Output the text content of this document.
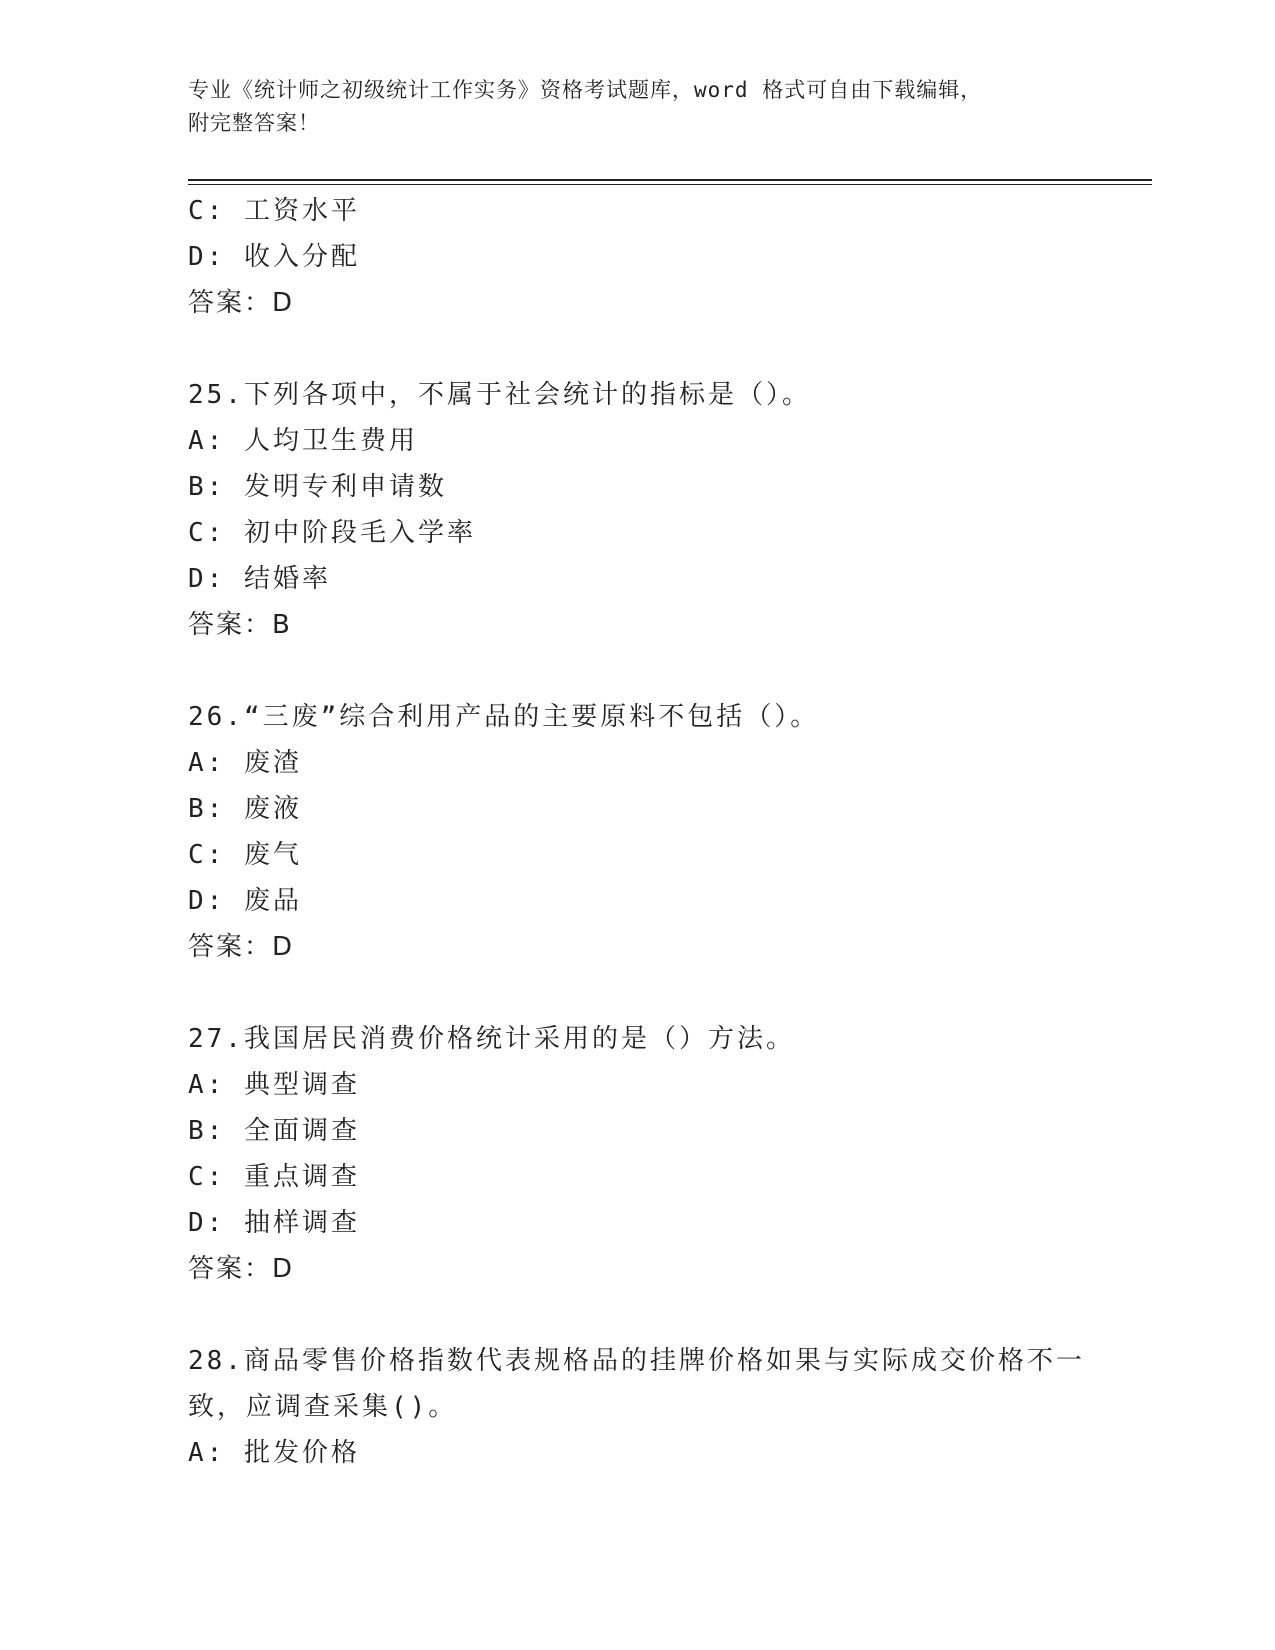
专业《统计师之初级统计工作实务》资格考试题库，word 格式可自由下载编辑，
附完整答案！
C: 工资水平
D: 收入分配
答案：D
25.下列各项中，不属于社会统计的指标是（）。
A: 人均卫生费用
B: 发明专利申请数
C: 初中阶段毛入学率
D: 结婚率
答案：B
26.“三废”综合利用产品的主要原料不包括（）。
A: 废渣
B: 废液
C: 废气
D: 废品
答案：D
27.我国居民消费价格统计采用的是（）方法。
A: 典型调查
B: 全面调查
C: 重点调查
D: 抽样调查
答案：D
28.商品零售价格指数代表规格品的挂牌价格如果与实际成交价格不一
致，应调查采集()。
A: 批发价格
